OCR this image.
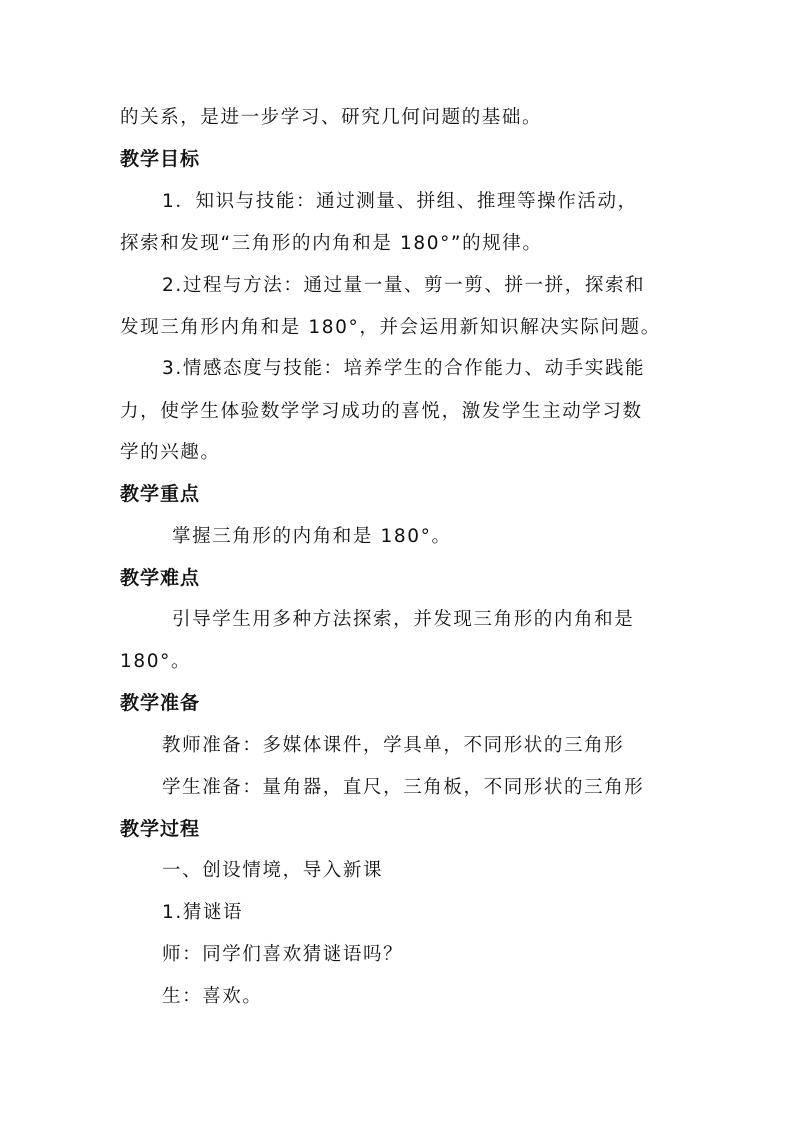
的关系，是进一步学习、研究几何问题的基础。
教学目标
1．知识与技能：通过测量、拼组、推理等操作活动，
探索和发现“三角形的内角和是 180°”的规律。
2.过程与方法：通过量一量、剪一剪、拼一拼，探索和
发现三角形内角和是 180°，并会运用新知识解决实际问题。
3.情感态度与技能：培养学生的合作能力、动手实践能
力，使学生体验数学学习成功的喜悦，激发学生主动学习数
学的兴趣。
教学重点
掌握三角形的内角和是 180°。
教学难点
引导学生用多种方法探索，并发现三角形的内角和是
180°。
教学准备
教师准备：多媒体课件，学具单，不同形状的三角形
学生准备：量角器，直尺，三角板，不同形状的三角形
教学过程
一、创设情境，导入新课
1.猜谜语
师：同学们喜欢猜谜语吗？
生：喜欢。
